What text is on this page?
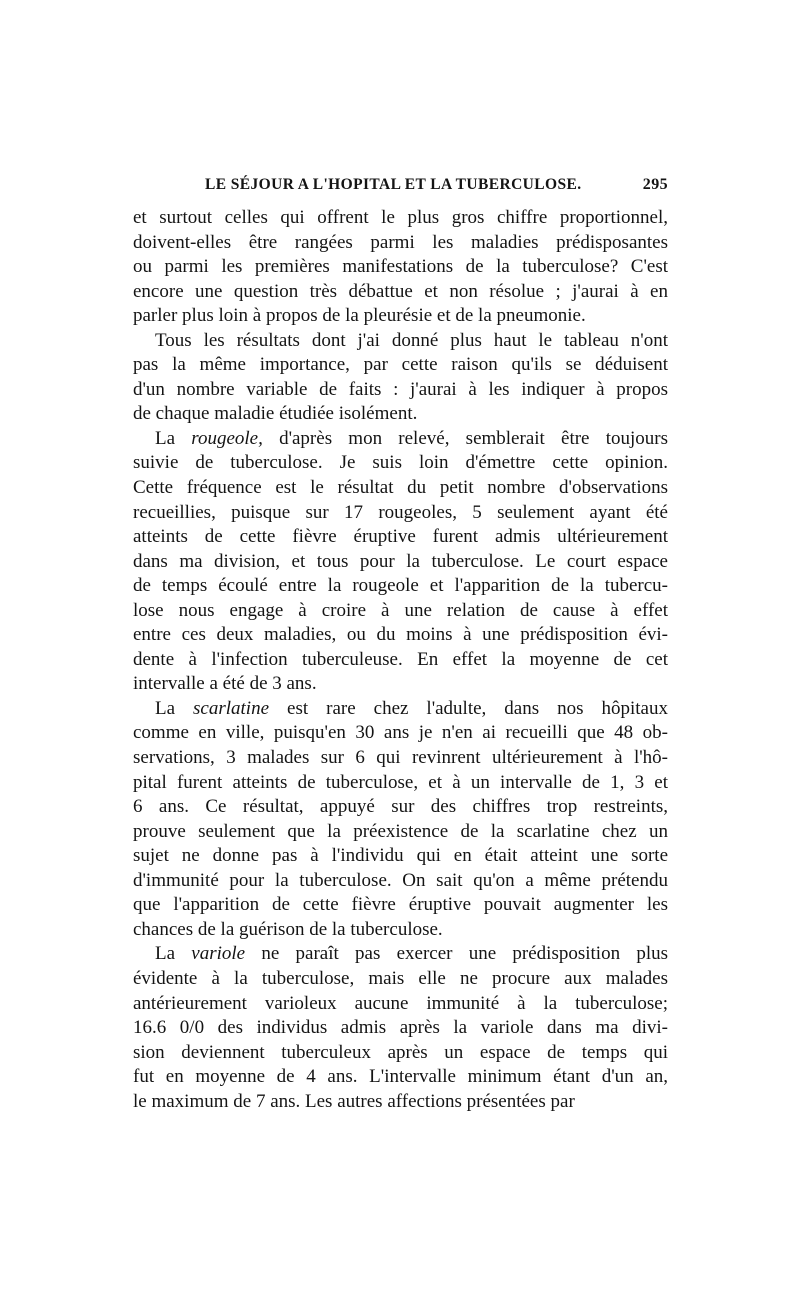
LE SÉJOUR A L'HOPITAL ET LA TUBERCULOSE.	295
et surtout celles qui offrent le plus gros chiffre proportionnel,
doivent-elles être rangées parmi les maladies prédisposantes
ou parmi les premières manifestations de la tuberculose? C'est
encore une question très débattue et non résolue ; j'aurai à en
parler plus loin à propos de la pleurésie et de la pneumonie.
Tous les résultats dont j'ai donné plus haut le tableau n'ont
pas la même importance, par cette raison qu'ils se déduisent
d'un nombre variable de faits : j'aurai à les indiquer à propos
de chaque maladie étudiée isolément.
La rougeole, d'après mon relevé, semblerait être toujours
suivie de tuberculose. Je suis loin d'émettre cette opinion.
Cette fréquence est le résultat du petit nombre d'observations
recueillies, puisque sur 17 rougeoles, 5 seulement ayant été
atteints de cette fièvre éruptive furent admis ultérieurement
dans ma division, et tous pour la tuberculose. Le court espace
de temps écoulé entre la rougeole et l'apparition de la tubercu-
lose nous engage à croire à une relation de cause à effet
entre ces deux maladies, ou du moins à une prédisposition évi-
dente à l'infection tuberculeuse. En effet la moyenne de cet
intervalle a été de 3 ans.
La scarlatine est rare chez l'adulte, dans nos hôpitaux
comme en ville, puisqu'en 30 ans je n'en ai recueilli que 48 ob-
servations, 3 malades sur 6 qui revinrent ultérieurement à l'hô-
pital furent atteints de tuberculose, et à un intervalle de 1, 3 et
6 ans. Ce résultat, appuyé sur des chiffres trop restreints,
prouve seulement que la préexistence de la scarlatine chez un
sujet ne donne pas à l'individu qui en était atteint une sorte
d'immunité pour la tuberculose. On sait qu'on a même prétendu
que l'apparition de cette fièvre éruptive pouvait augmenter les
chances de la guérison de la tuberculose.
La variole ne paraît pas exercer une prédisposition plus
évidente à la tuberculose, mais elle ne procure aux malades
antérieurement varioleux aucune immunité à la tuberculose;
16.6 0/0 des individus admis après la variole dans ma divi-
sion deviennent tuberculeux après un espace de temps qui
fut en moyenne de 4 ans. L'intervalle minimum étant d'un an,
le maximum de 7 ans. Les autres affections présentées par
